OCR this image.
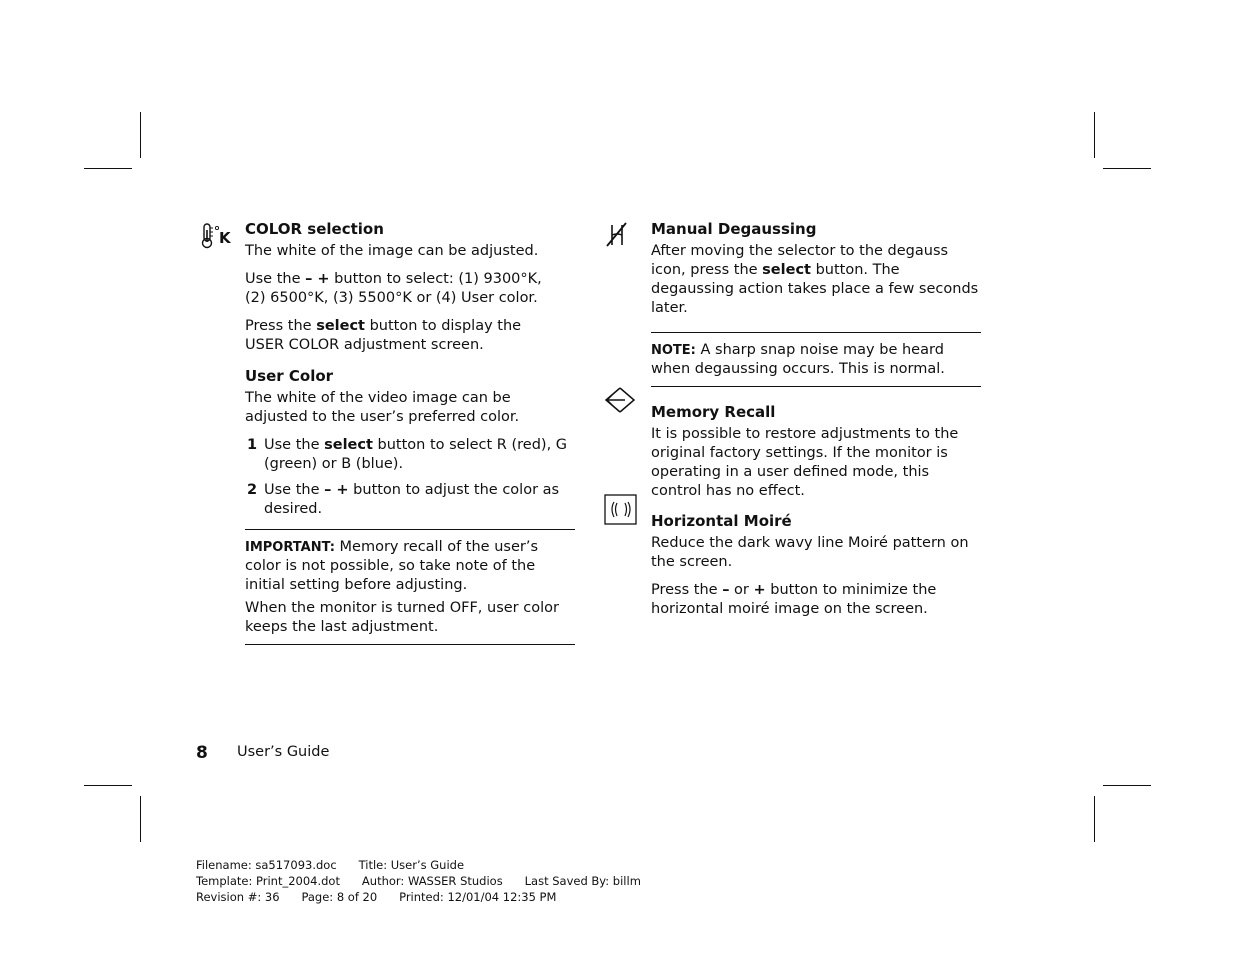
K COLOR selection

The white of the image can be adjusted.

Use the – + button to select: (1) 9300°K,
(2) 6500°K, (3) 5500°K or (4) User color.

Press the select button to display the
USER COLOR adjustment screen.

User Color

The white of the video image can be adjusted to the user’s preferred color.

1 Use the select button to select R (red), G (green) or B (blue).
2 Use the – + button to adjust the color as desired.

IMPORTANT: Memory recall of the user’s color is not possible, so take note of the initial setting before adjusting.

When the monitor is turned OFF, user color keeps the last adjustment.

Manual Degaussing

After moving the selector to the degauss icon, press the select button. The degaussing action takes place a few seconds later.

NOTE: A sharp snap noise may be heard when degaussing occurs. This is normal.

Memory Recall

It is possible to restore adjustments to the original factory settings. If the monitor is operating in a user defined mode, this control has no effect.

Horizontal Moiré

Reduce the dark wavy line Moiré pattern on the screen.

Press the – or + button to minimize the horizontal moiré image on the screen.

8 User’s Guide
Filename: sa517093.doc      Title: User’s Guide
Template: Print_2004.dot      Author: WASSER Studios      Last Saved By: billm
Revision #: 36      Page: 8 of 20      Printed: 12/01/04 12:35 PM
